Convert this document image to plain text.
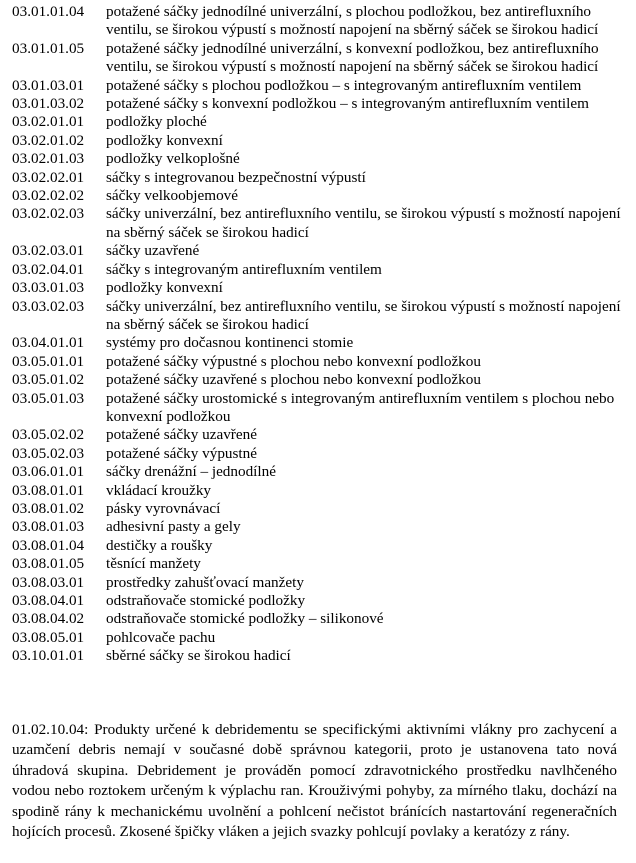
03.01.01.04	potažené sáčky jednodílné univerzální, s plochou podložkou, bez antirefluxního ventilu, se širokou výpustí s možností napojení na sběrný sáček se širokou hadicí
03.01.01.05	potažené sáčky jednodílné univerzální, s konvexní podložkou, bez antirefluxního ventilu, se širokou výpustí s možností napojení na sběrný sáček se širokou hadicí
03.01.03.01	potažené sáčky s plochou podložkou – s integrovaným antirefluxním ventilem
03.01.03.02	potažené sáčky s konvexní podložkou – s integrovaným antirefluxním ventilem
03.02.01.01	podložky ploché
03.02.01.02	podložky konvexní
03.02.01.03	podložky velkoplošné
03.02.02.01	sáčky s integrovanou bezpečnostní výpustí
03.02.02.02	sáčky velkoobjemové
03.02.02.03	sáčky univerzální, bez antirefluxního ventilu, se širokou výpustí s možností napojení na sběrný sáček se širokou hadicí
03.02.03.01	sáčky uzavřené
03.02.04.01	sáčky s integrovaným antirefluxním ventilem
03.03.01.03	podložky konvexní
03.03.02.03	sáčky univerzální, bez antirefluxního ventilu, se širokou výpustí s možností napojení na sběrný sáček se širokou hadicí
03.04.01.01	systémy pro dočasnou kontinenci stomie
03.05.01.01	potažené sáčky výpustné s plochou nebo konvexní podložkou
03.05.01.02	potažené sáčky uzavřené s plochou nebo konvexní podložkou
03.05.01.03	potažené sáčky urostomické s integrovaným antirefluxním ventilem s plochou nebo konvexní podložkou
03.05.02.02	potažené sáčky uzavřené
03.05.02.03	potažené sáčky výpustné
03.06.01.01	sáčky drenážní – jednodílné
03.08.01.01	vkládací kroužky
03.08.01.02	pásky vyrovnávací
03.08.01.03	adhesivní pasty a gely
03.08.01.04	destičky a roušky
03.08.01.05	těsnící manžety
03.08.03.01	prostředky zahušťovací manžety
03.08.04.01	odstraňovače stomické podložky
03.08.04.02	odstraňovače stomické podložky – silikonové
03.08.05.01	pohlcovače pachu
03.10.01.01	sběrné sáčky se širokou hadicí

01.02.10.04: Produkty určené k debridementu se specifickými aktivními vlákny pro zachycení a uzamčení debris nemají v současné době správnou kategorii, proto je ustanovena tato nová úhradová skupina. Debridement je prováděn pomocí zdravotnického prostředku navlhčeného vodou nebo roztokem určeným k výplachu ran. Krouživými pohyby, za mírného tlaku, dochází na spodině rány k mechanickému uvolnění a pohlcení nečistot bránících nastartování regeneračních hojících procesů. Zkosené špičky vláken a jejich svazky pohlcují povlaky a keratózy z rány.
